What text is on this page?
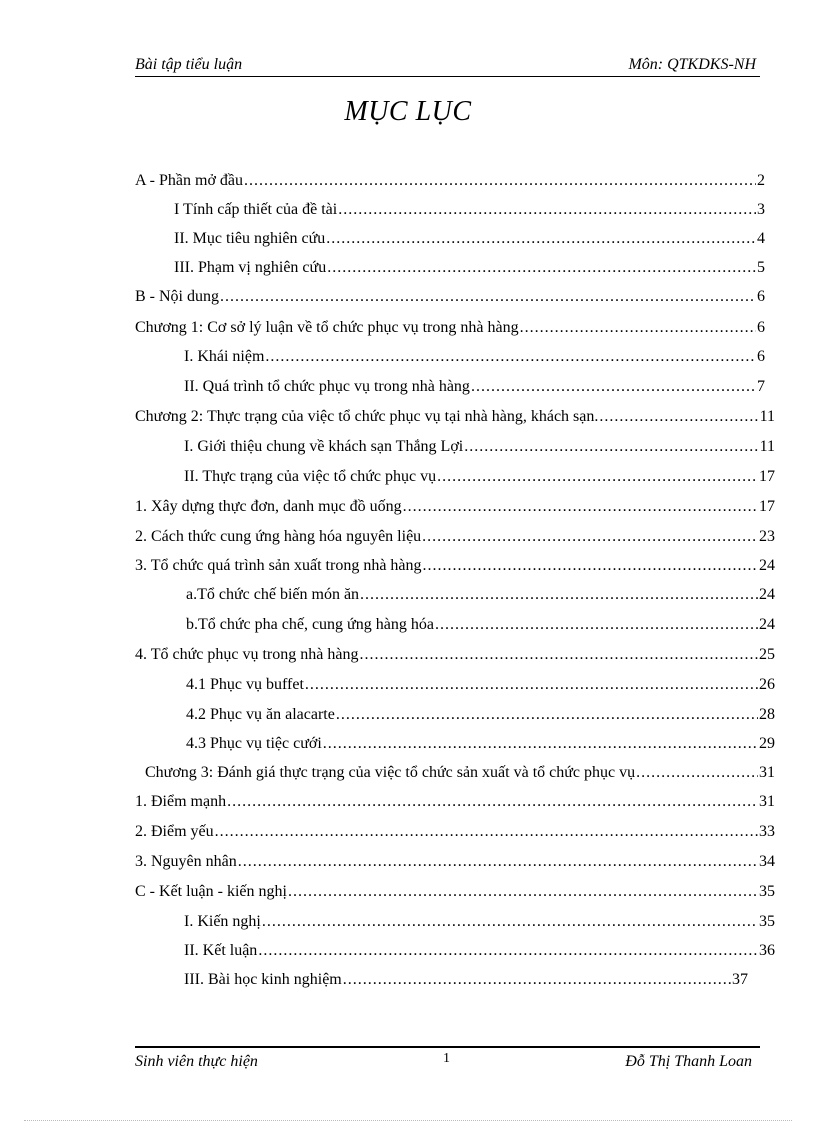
Bài tập tiểu luận	Môn: QTKDKS-NH
MỤC LỤC
A - Phần mở đầu .....	2
I Tính cấp thiết của đề tài .....	3
II. Mục tiêu nghiên cứu .....	4
III. Phạm vị nghiên cứu .....	5
B - Nội dung .....	6
Chương 1: Cơ sở lý luận về tổ chức phục vụ trong nhà hàng .....	6
I. Khái niệm .....	6
II. Quá trình tổ chức phục vụ trong nhà hàng .....	7
Chương 2: Thực trạng của việc tổ chức phục vụ tại nhà hàng, khách sạn. .....	11
I. Giới thiệu chung về khách sạn Thắng Lợi .....	11
II. Thực trạng của việc tổ chức phục vụ .....	17
1. Xây dựng thực đơn, danh mục đồ uống .....	17
2. Cách thức cung ứng hàng hóa nguyên liệu .....	23
3. Tổ chức quá trình sản xuất trong nhà hàng .....	24
a.Tổ chức chế biến món ăn .....	24
b.Tổ chức pha chế, cung ứng hàng hóa .....	24
4. Tổ chức phục vụ trong nhà hàng .....	25
4.1 Phục vụ buffet .....	26
4.2 Phục vụ ăn alacarte .....	28
4.3 Phục vụ tiệc cưới .....	29
Chương 3: Đánh giá thực trạng của việc tổ chức sản xuất và tổ chức phục vụ .....	31
1. Điểm mạnh .....	31
2. Điểm yếu .....	33
3. Nguyên nhân .....	34
C - Kết luận - kiến nghị .....	35
I. Kiến nghị .....	35
II. Kết luận .....	36
III. Bài học kinh nghiệm .....	37
Sinh viên thực hiện	1	Đỗ Thị Thanh Loan
